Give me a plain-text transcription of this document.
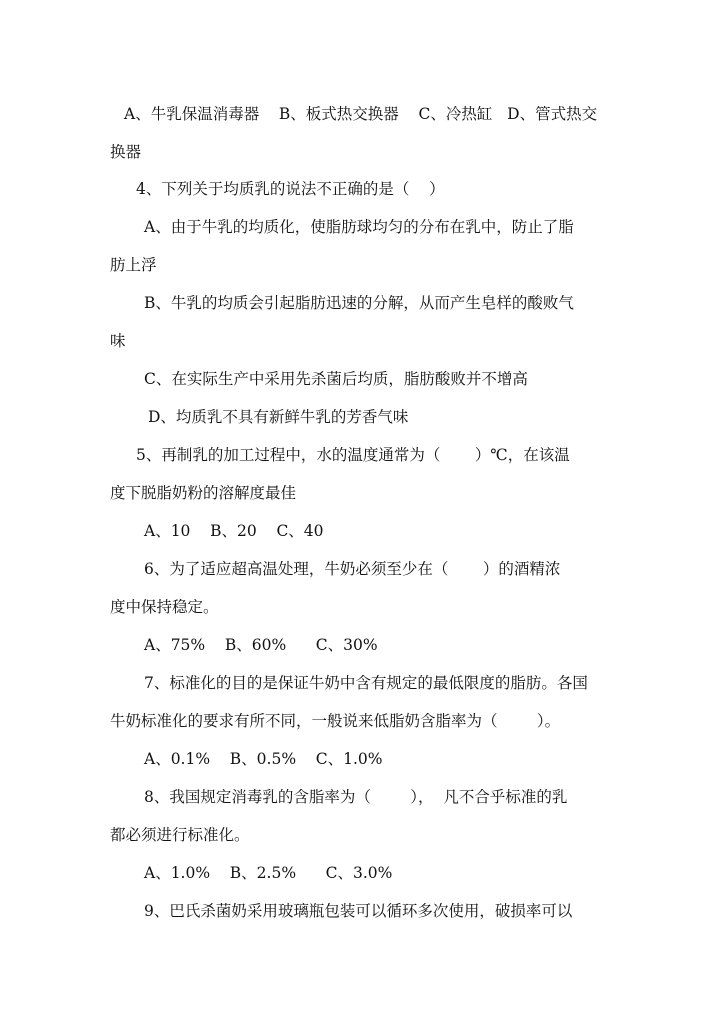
A、牛乳保温消毒器    B、板式热交换器    C、冷热缸   D、管式热交
换器
4、下列关于均质乳的说法不正确的是（    ）
A、由于牛乳的均质化，使脂肪球均匀的分布在乳中，防止了脂
肪上浮
B、牛乳的均质会引起脂肪迅速的分解，从而产生皂样的酸败气
味
C、在实际生产中采用先杀菌后均质，脂肪酸败并不增高
D、均质乳不具有新鲜牛乳的芳香气味
5、再制乳的加工过程中，水的温度通常为（       ）℃，在该温
度下脱脂奶粉的溶解度最佳
A、10    B、20    C、40
6、为了适应超高温处理，牛奶必须至少在（       ）的酒精浓
度中保持稳定。
A、75%    B、60%      C、30%
7、标准化的目的是保证牛奶中含有规定的最低限度的脂肪。各国
牛奶标准化的要求有所不同，一般说来低脂奶含脂率为（        ）。
A、0.1%    B、0.5%    C、1.0%
8、我国规定消毒乳的含脂率为（        ），  凡不合乎标准的乳
都必须进行标准化。
A、1.0%    B、2.5%      C、3.0%
9、巴氏杀菌奶采用玻璃瓶包装可以循环多次使用，破损率可以
